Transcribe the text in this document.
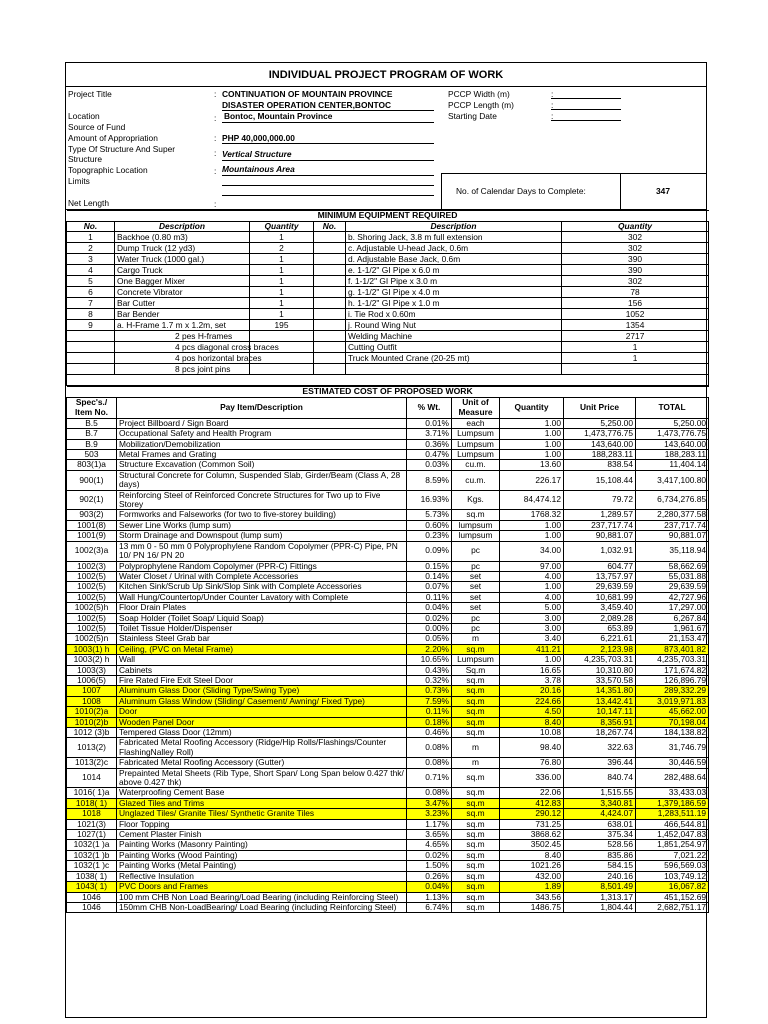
INDIVIDUAL PROJECT PROGRAM OF WORK
Project Title	: CONTINUATION OF MOUNTAIN PROVINCE
DISASTER OPERATION CENTER,BONTOC
Location	: Bontoc, Mountain Province
Source of Fund
Amount of Appropriation	: PHP 40,000,000.00
Type Of Structure And Super Structure
: Vertical Structure
Topographic Location	: Mountainous Area
Limits
Net Length	:
PCCP Width (m)	:
PCCP Length (m)	:
Starting Date	:
No. of Calendar Days to Complete:	347
MINIMUM EQUIPMENT REQUIRED					
No.	Description	Quantity	No.	Description	Quantity
1	Backhoe (0.80 m3)	1		b. Shoring Jack, 3.8 m full extension	302
2	Dump Truck (12 yd3)	2		c. Adjustable U-head Jack, 0.6m	302
3	Water Truck (1000 gal.)	1		d. Adjustable Base Jack, 0.6m	390
4	Cargo Truck	1		e. 1-1/2" GI Pipe x 6.0 m	390
5	One Bagger Mixer	1		f. 1-1/2" GI Pipe x 3.0 m	302
6	Concrete Vibrator	1		g. 1-1/2" GI Pipe x 4.0 m	78
7	Bar Cutter	1		h. 1-1/2" GI Pipe x 1.0 m	156
8	Bar Bender	1		i. Tie Rod x 0.60m	1052
9	a. H-Frame 1.7 m x 1.2m, set	195		j. Round Wing Nut	1354
	2 pes H-frames			Welding Machine	2717
	4 pcs diagonal cross braces			Cutting Outfit	1
	4 pos horizontal braces			Truck Mounted Crane (20-25 mt)	1
	8 pcs joint pins				

ESTIMATED COST OF PROPOSED WORK						
Spec's./ Item No.	Pay Item/Description	% Wt.	Unit of Measure	Quantity	Unit Price	TOTAL
B.5	Project Billboard / Sign Board	0.01%	each	1.00	5,250.00	5,250.00
B.7	Occupational Safety and Health Program	3.71%	Lumpsum	1.00	1,473,776.75	1,473,776.75
B.9	Mobilization/Demobilization	0.36%	Lumpsum	1.00	143,640.00	143,640.00
503	Metal Frames and Grating	0.47%	Lumpsum	1.00	188,283.11	188,283.11
803(1)a	Structure Excavation (Common Soil)	0.03%	cu.m.	13.60	838.54	11,404.14
900(1)	Structural Concrete for Column, Suspended Slab, Girder/Beam (Class A, 28 days)	8.59%	cu.m.	226.17	15,108.44	3,417,100.80
902(1)	Reinforcing Steel of Reinforced Concrete Structures for Two up to Five Storey	16.93%	Kgs.	84,474.12	79.72	6,734,276.85
903(2)	Formworks and Falseworks (for two to five-storey building)	5.73%	sq.m	1768.32	1,289.57	2,280,377.58
1001(8)	Sewer Line Works (lump sum)	0.60%	lumpsum	1.00	237,717.74	237,717.74
1001(9)	Storm Drainage and Downspout (lump sum)	0.23%	lumpsum	1.00	90,881.07	90,881.07
1002(3)a	13 mm 0 - 50 mm 0 Polyprophylene Random Copolymer (PPR-C) Pipe, PN 10/ PN 16/ PN 20	0.09%	pc	34.00	1,032.91	35,118.94
1002(3)	Polyprophylene Random Copolymer (PPR-C) Fittings	0.15%	pc	97.00	604.77	58,662.69
1002(5)	Water Closet / Urinal with Complete Accessories	0.14%	set	4.00	13,757.97	55,031.88
1002(5)	Kitchen Sink/Scrub Up Sink/Slop Sink with Complete Accessories	0.07%	set	1.00	29,639.59	29,639.59
1002(5)	Wall Hung/Countertop/Under Counter Lavatory with Complete	0.11%	set	4.00	10,681.99	42,727.96
1002(5)h	Floor Drain Plates	0.04%	set	5.00	3,459.40	17,297.00
1002(5)	Soap Holder (Toilet Soap/ Liquid Soap)	0.02%	pc	3.00	2,089.28	6,267.84
1002(5)	Toilet Tissue Holder/Dispenser	0.00%	pc	3.00	653.89	1,961.67
1002(5)n	Stainless Steel Grab bar	0.05%	m	3.40	6,221.61	21,153.47
1003(1) h	Ceiling, (PVC on Metal Frame)	2.20%	sq.m	411.21	2,123.98	873,401.82
1003(2) h	Wall	10.65%	Lumpsum	1.00	4,235,703.31	4,235,703.31
1003(3)	Cabinets	0.43%	Sq.m	16.65	10,310.80	171,674.82
1006(5)	Fire Rated Fire Exit Steel Door	0.32%	sq.m	3.78	33,570.58	126,896.79
1007	Aluminum Glass Door (Sliding Type/Swing Type)	0.73%	sq.m	20.16	14,351.80	289,332.29
1008	Aluminum Glass Window (Sliding/ Casement/ Awning/ Fixed Type)	7.59%	sq.m	224.66	13,442.41	3,019,971.83
1010(2)a	Door	0.11%	sq.m	4.50	10,147.11	45,662.00
1010(2)b	Wooden Panel Door	0.18%	sq.m	8.40	8,356.91	70,198.04
1012 (3)b	Tempered Glass Door (12mm)	0.46%	sq.m	10.08	18,267.74	184,138.82
1013(2)	Fabricated Metal Roofing Accessory (Ridge/Hip Rolls/Flashings/Counter FlashingNalley Roll)	0.08%	m	98.40	322.63	31,746.79
1013(2)c	Fabricated Metal Roofing Accessory (Gutter)	0.08%	m	76.80	396.44	30,446.59
1014	Prepainted Metal Sheets (Rib Type, Short Span/ Long Span below 0.427 thk/ above 0.427 thk)	0.71%	sq.m	336.00	840.74	282,488.64
1016( 1)a	Waterproofing Cement Base	0.08%	sq.m	22.06	1,515.55	33,433.03
1018( 1)	Glazed Tiles and Trims	3.47%	sq.m	412.83	3,340.81	1,379,186.59
1018	Unglazed Tiles/ Granite Tiles/ Synthetic Granite Tiles	3.23%	sq.m	290.12	4,424.07	1,283,511.19
1021(3)	Floor Topping	1.17%	sq.m	731.25	638.01	466,544.81
1027(1)	Cement Plaster Finish	3.65%	sq.m	3868.62	375.34	1,452,047.83
1032(1 )a	Painting Works (Masonry Painting)	4.65%	sq.m	3502.45	528.56	1,851,254.97
1032(1 )b	Painting Works (Wood Painting)	0.02%	sq.m	8.40	835.86	7,021.22
1032(1 )c	Painting Works (Metal Painting)	1.50%	sq.m	1021.26	584.15	596,569.03
1038( 1)	Reflective Insulation	0.26%	sq.m	432.00	240.16	103,749.12
1043( 1)	PVC Doors and Frames	0.04%	sq.m	1.89	8,501.49	16,067.82
1046	100 mm CHB Non Load Bearing/Load Bearing (including Reinforcing Steel)	1.13%	sq.m	343.56	1,313.17	451,152.69
1046	150mm CHB Non-LoadBearing/ Load Bearing (including Reinforcing Steel)	6.74%	sq.m	1486.75	1,804.44	2,682,751.17
